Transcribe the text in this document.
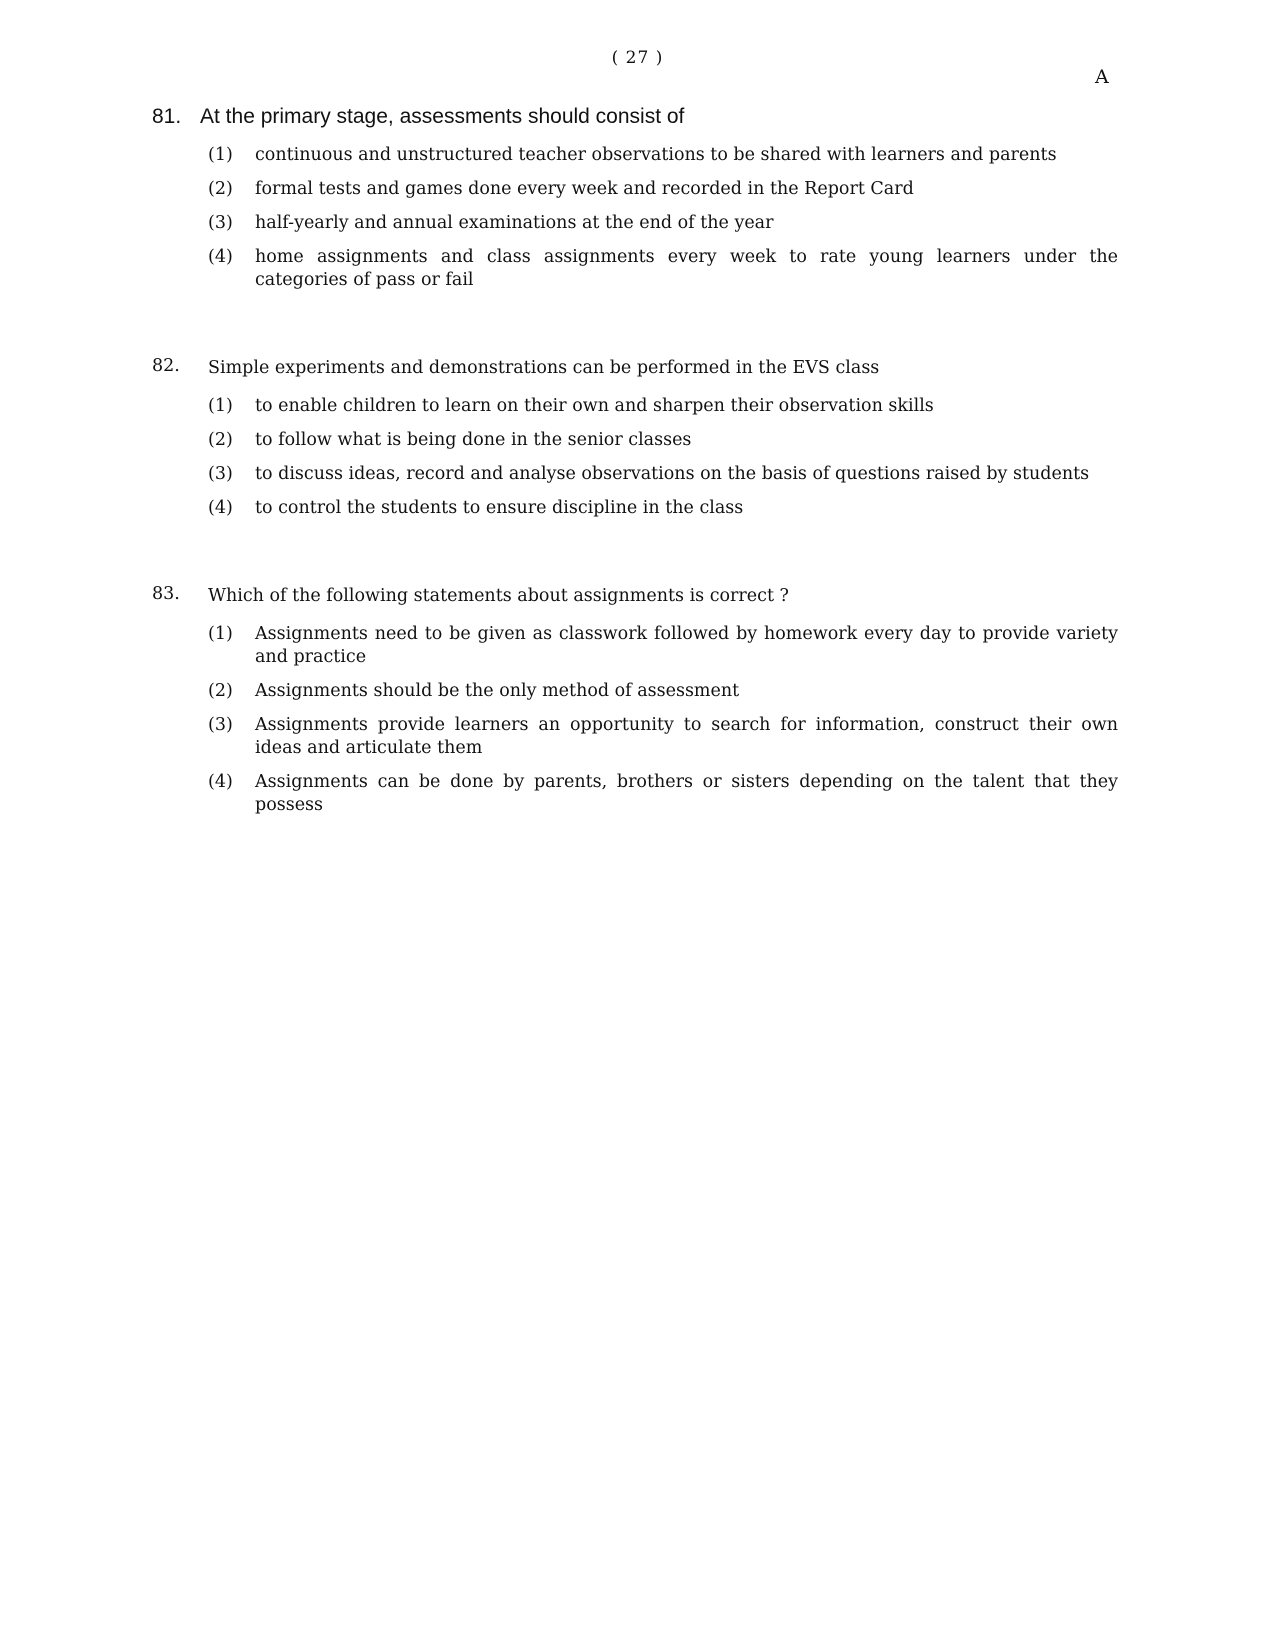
( 27 )
A
81. At the primary stage, assessments should consist of
(1)	continuous and unstructured teacher observations to be shared with learners and parents
(2)	formal tests and games done every week and recorded in the Report Card
(3)	half-yearly and annual examinations at the end of the year
(4)	home assignments and class assignments every week to rate young learners under the categories of pass or fail
82.	Simple experiments and demonstrations can be performed in the EVS class
(1)	to enable children to learn on their own and sharpen their observation skills
(2)	to follow what is being done in the senior classes
(3)	to discuss ideas, record and analyse observations on the basis of questions raised by students
(4)	to control the students to ensure discipline in the class
83.	Which of the following statements about assignments is correct ?
(1)	Assignments need to be given as classwork followed by homework every day to provide variety and practice
(2)	Assignments should be the only method of assessment
(3)	Assignments provide learners an opportunity to search for information, construct their own ideas and articulate them
(4)	Assignments can be done by parents, brothers or sisters depending on the talent that they possess
